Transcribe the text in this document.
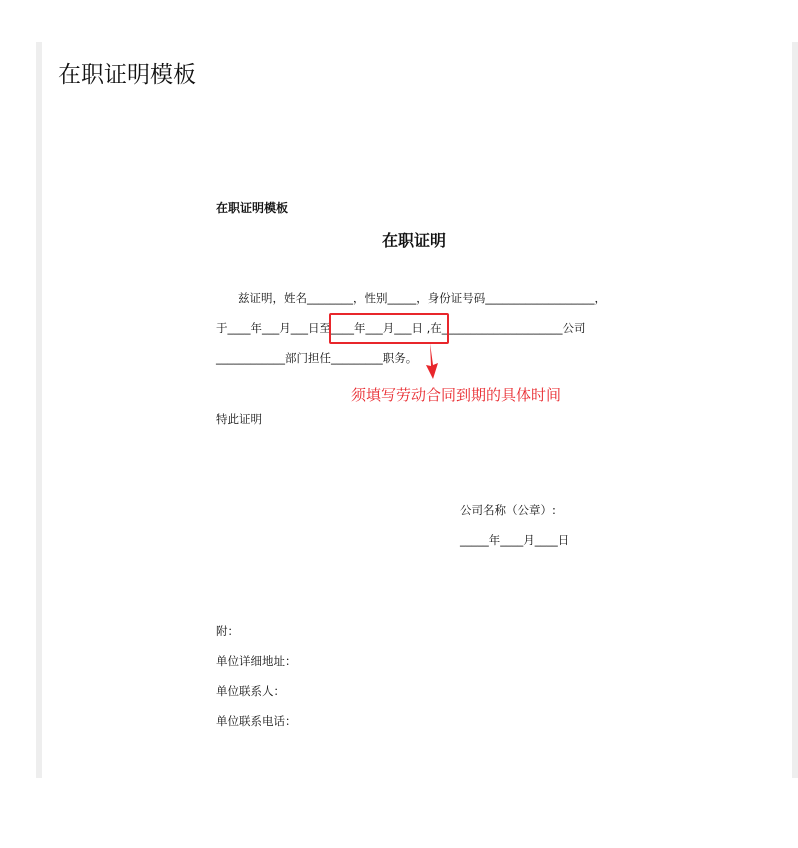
在职证明模板
在职证明模板
在职证明
兹证明，姓名________，性别_____，身份证号码___________________，
于____年___月___日至____年___月___日 ,在_____________________公司
____________部门担任_________职务。
须填写劳动合同到期的具体时间
特此证明
公司名称（公章）:
_____年____月____日
附：
单位详细地址：
单位联系人：
单位联系电话：
